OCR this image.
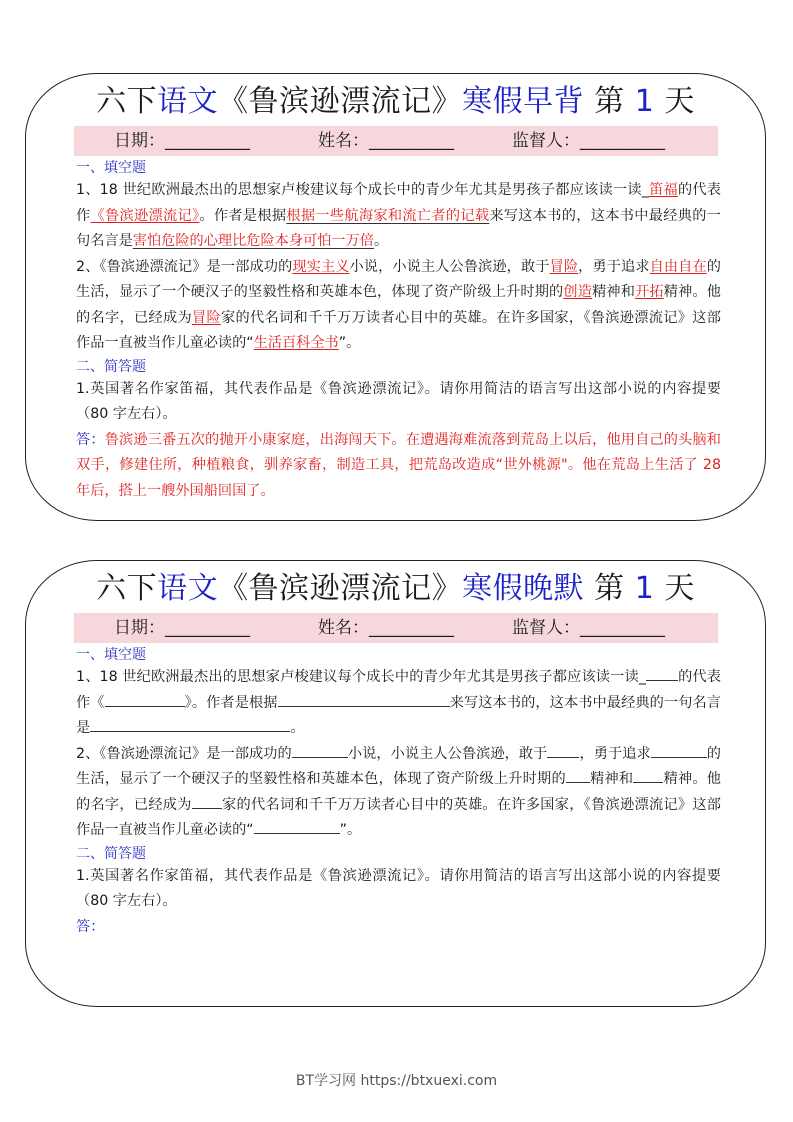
六下语文《鲁滨逊漂流记》寒假早背 第 1 天
日期：__________	姓名：__________	监督人：__________
一、填空题

1、18 世纪欧洲最杰出的思想家卢梭建议每个成长中的青少年尤其是男孩子都应该读一读_笛福的代表作《鲁滨逊漂流记》。作者是根据根据一些航海家和流亡者的记载来写这本书的，这本书中最经典的一句名言是害怕危险的心理比危险本身可怕一万倍。

2、《鲁滨逊漂流记》是一部成功的现实主义小说，小说主人公鲁滨逊，敢于冒险，勇于追求自由自在的生活，显示了一个硬汉子的坚毅性格和英雄本色，体现了资产阶级上升时期的创造精神和开拓精神。他的名字，已经成为冒险家的代名词和千千万万读者心目中的英雄。在许多国家，《鲁滨逊漂流记》这部作品一直被当作儿童必读的“生活百科全书”。

二、简答题

1.英国著名作家笛福，其代表作品是《鲁滨逊漂流记》。请你用简洁的语言写出这部小说的内容提要（80 字左右）。

答：鲁滨逊三番五次的抛开小康家庭，出海闯天下。在遭遇海难流落到荒岛上以后，他用自己的头脑和双手，修建住所，种植粮食，驯养家畜，制造工具，把荒岛改造成“世外桃源"。他在荒岛上生活了 28 年后，搭上一艘外国船回国了。

六下语文《鲁滨逊漂流记》寒假晚默 第 1 天
日期：__________	姓名：__________	监督人：__________
一、填空题

1、18 世纪欧洲最杰出的思想家卢梭建议每个成长中的青少年尤其是男孩子都应该读一读_ 的代表作《	》。作者是根据	来写这本书的，这本书中最经典的一句名言是	。

2、《鲁滨逊漂流记》是一部成功的	小说，小说主人公鲁滨逊，敢于 ，勇于追求	的生活，显示了一个硬汉子的坚毅性格和英雄本色，体现了资产阶级上升时期的 精神和 精神。他的名字，已经成为 家的代名词和千千万万读者心目中的英雄。在许多国家，《鲁滨逊漂流记》这部作品一直被当作儿童必读的“	”。

二、简答题

1.英国著名作家笛福，其代表作品是《鲁滨逊漂流记》。请你用简洁的语言写出这部小说的内容提要（80 字左右）。

答：

BT学习网 https://btxuexi.com
